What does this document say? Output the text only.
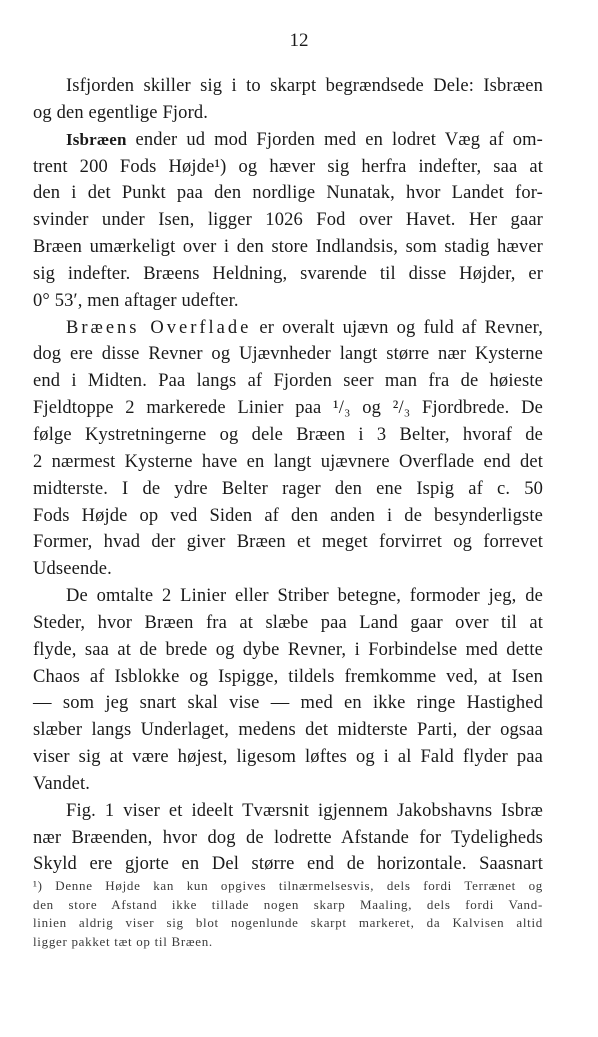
12
Isfjorden skiller sig i to skarpt begrændsede Dele: Isbræen
og den egentlige Fjord.
Isbræen ender ud mod Fjorden med en lodret Væg af om-
trent 200 Fods Højde¹) og hæver sig herfra indefter, saa at
den i det Punkt paa den nordlige Nunatak, hvor Landet for-
svinder under Isen, ligger 1026 Fod over Havet. Her gaar
Bræen umærkeligt over i den store Indlandsis, som stadig hæver
sig indefter. Bræens Heldning, svarende til disse Højder, er
0° 53′, men aftager udefter.
Bræens Overflade er overalt ujævn og fuld af Revner,
dog ere disse Revner og Ujævnheder langt større nær Kysterne
end i Midten. Paa langs af Fjorden seer man fra de høieste
Fjeldtoppe 2 markerede Linier paa ¹/₃ og ²/₃ Fjordbrede. De
følge Kystretningerne og dele Bræen i 3 Belter, hvoraf de
2 nærmest Kysterne have en langt ujævnere Overflade end det
midterste. I de ydre Belter rager den ene Ispig af c. 50
Fods Højde op ved Siden af den anden i de besynderligste
Former, hvad der giver Bræen et meget forvirret og forrevet
Udseende.
De omtalte 2 Linier eller Striber betegne, formoder jeg, de
Steder, hvor Bræen fra at slæbe paa Land gaar over til at
flyde, saa at de brede og dybe Revner, i Forbindelse med dette
Chaos af Isblokke og Ispigge, tildels fremkomme ved, at Isen
— som jeg snart skal vise — med en ikke ringe Hastighed
slæber langs Underlaget, medens det midterste Parti, der ogsaa
viser sig at være højest, ligesom løftes og i al Fald flyder paa
Vandet.
Fig. 1 viser et ideelt Tværsnit igjennem Jakobshavns Isbræ
nær Bræenden, hvor dog de lodrette Afstande for Tydeligheds
Skyld ere gjorte en Del større end de horizontale. Saasnart
¹) Denne Højde kan kun opgives tilnærmelsesvis, dels fordi Terrænet og
den store Afstand ikke tillade nogen skarp Maaling, dels fordi Vand-
linien aldrig viser sig blot nogenlunde skarpt markeret, da Kalvisen altid
ligger pakket tæt op til Bræen.
